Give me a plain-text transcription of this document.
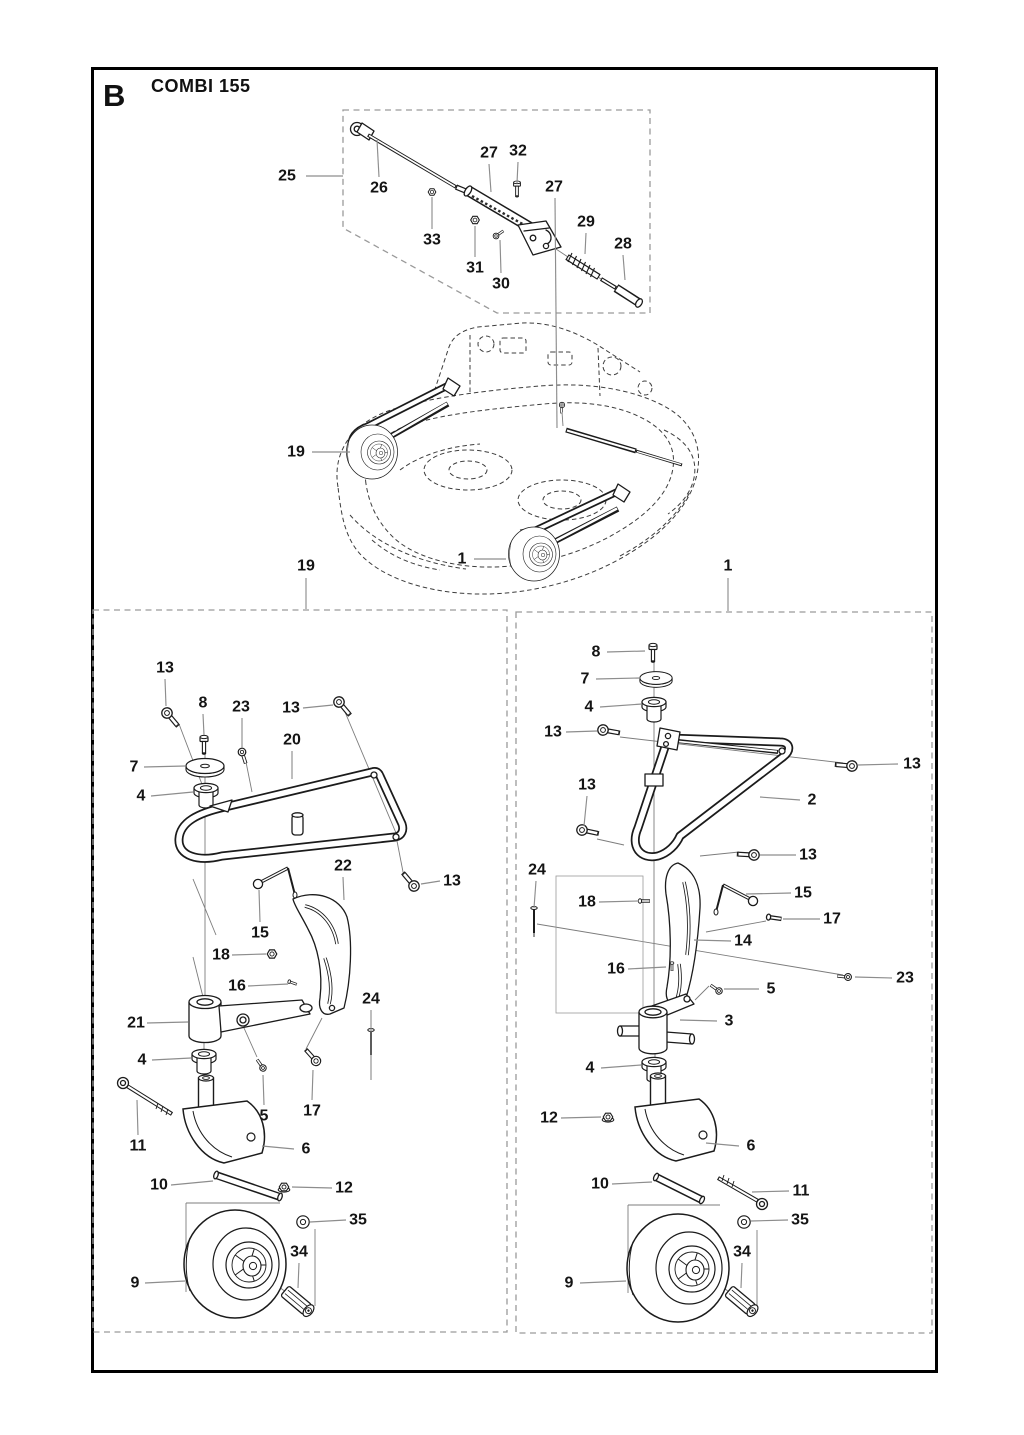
B COMBI 155
25
26
33
27 32
27
29
28
31
30
19
1
19	1
13
8 23 13
20
7
4
22
13
15
18
16
24
21
4
11
10
9
5 17
6
12
35
34
8
7
4
13
13
13
2
13
24
18
15
17
14
16
23
5
3
4
12
6
10	11
35
34
9
